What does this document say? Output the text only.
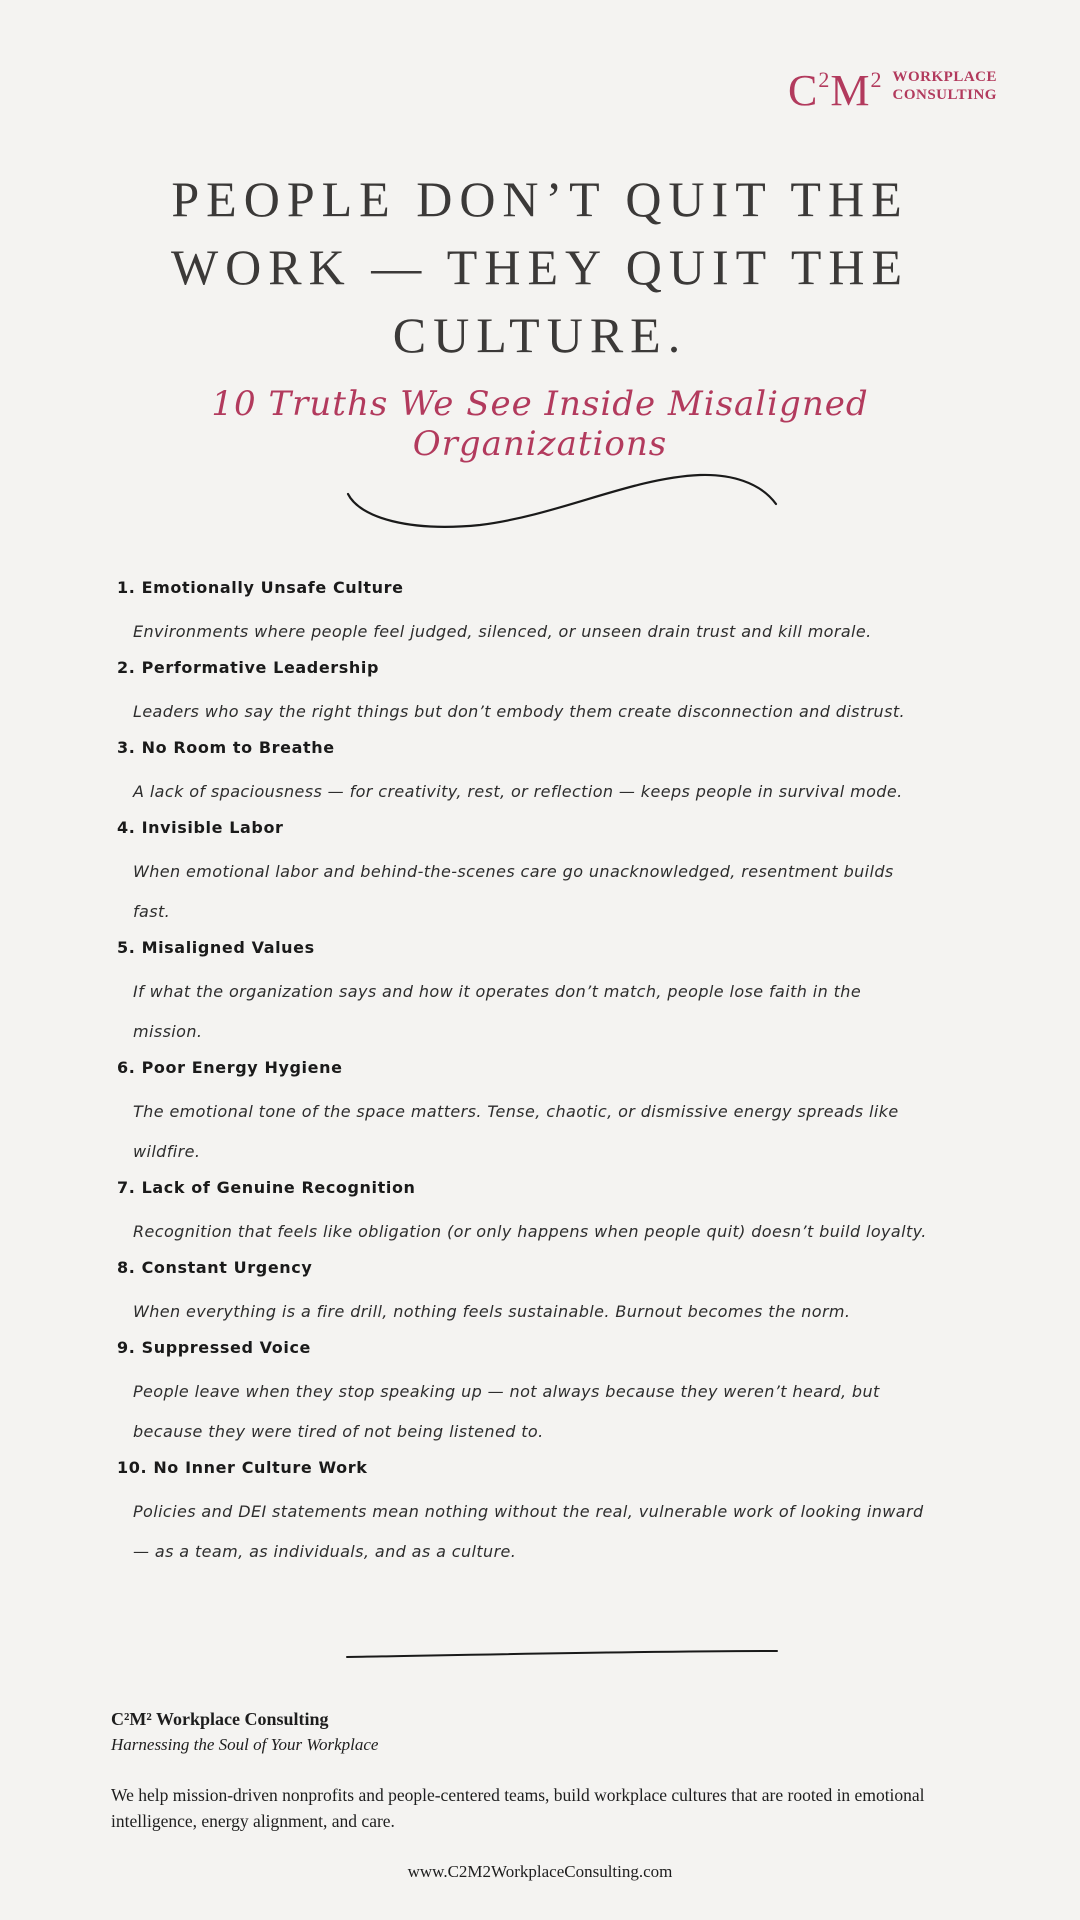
$C^2M^2$ WORKPLACE
CONSULTING
PEOPLE DON’T QUIT THE
WORK — THEY QUIT THE
CULTURE.
10 Truths We See Inside Misaligned Organizations
1. Emotionally Unsafe Culture
Environments where people feel judged, silenced, or unseen drain trust and kill morale.
2. Performative Leadership
Leaders who say the right things but don’t embody them create disconnection and distrust.
3. No Room to Breathe
A lack of spaciousness — for creativity, rest, or reflection — keeps people in survival mode.
4. Invisible Labor
When emotional labor and behind-the-scenes care go unacknowledged, resentment builds fast.
5. Misaligned Values
If what the organization says and how it operates don’t match, people lose faith in the mission.
6. Poor Energy Hygiene
The emotional tone of the space matters. Tense, chaotic, or dismissive energy spreads like wildfire.
7. Lack of Genuine Recognition
Recognition that feels like obligation (or only happens when people quit) doesn’t build loyalty.
8. Constant Urgency
When everything is a fire drill, nothing feels sustainable. Burnout becomes the norm.
9. Suppressed Voice
People leave when they stop speaking up — not always because they weren’t heard, but because they were tired of not being listened to.
10. No Inner Culture Work
Policies and DEI statements mean nothing without the real, vulnerable work of looking inward — as a team, as individuals, and as a culture.
C²M² Workplace Consulting
Harnessing the Soul of Your Workplace
We help mission-driven nonprofits and people-centered teams, build workplace cultures that are rooted in emotional intelligence, energy alignment, and care.
www.C2M2WorkplaceConsulting.com
